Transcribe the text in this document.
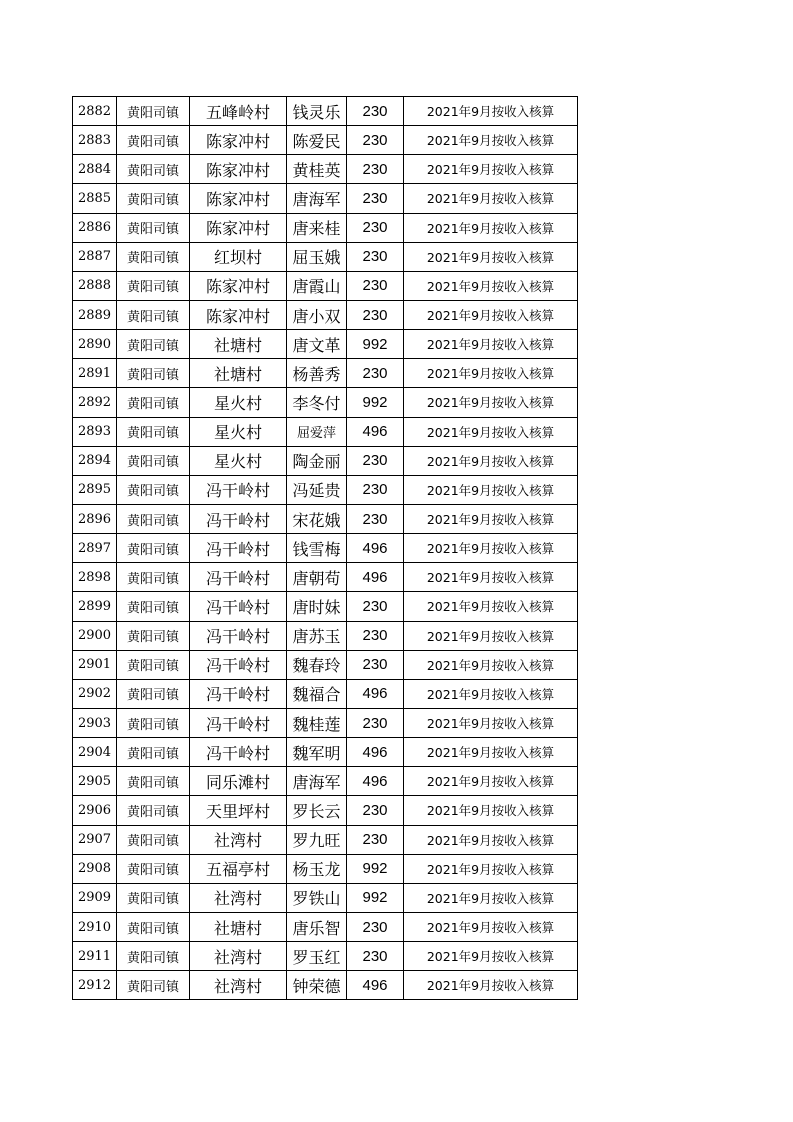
2882	黄阳司镇	五峰岭村	钱灵乐	230	2021年9月按收入核算
2883	黄阳司镇	陈家冲村	陈爱民	230	2021年9月按收入核算
2884	黄阳司镇	陈家冲村	黄桂英	230	2021年9月按收入核算
2885	黄阳司镇	陈家冲村	唐海军	230	2021年9月按收入核算
2886	黄阳司镇	陈家冲村	唐来桂	230	2021年9月按收入核算
2887	黄阳司镇	红坝村	屈玉娥	230	2021年9月按收入核算
2888	黄阳司镇	陈家冲村	唐霞山	230	2021年9月按收入核算
2889	黄阳司镇	陈家冲村	唐小双	230	2021年9月按收入核算
2890	黄阳司镇	社塘村	唐文革	992	2021年9月按收入核算
2891	黄阳司镇	社塘村	杨善秀	230	2021年9月按收入核算
2892	黄阳司镇	星火村	李冬付	992	2021年9月按收入核算
2893	黄阳司镇	星火村	屈爱萍	496	2021年9月按收入核算
2894	黄阳司镇	星火村	陶金丽	230	2021年9月按收入核算
2895	黄阳司镇	冯干岭村	冯延贵	230	2021年9月按收入核算
2896	黄阳司镇	冯干岭村	宋花娥	230	2021年9月按收入核算
2897	黄阳司镇	冯干岭村	钱雪梅	496	2021年9月按收入核算
2898	黄阳司镇	冯干岭村	唐朝苟	496	2021年9月按收入核算
2899	黄阳司镇	冯干岭村	唐时妹	230	2021年9月按收入核算
2900	黄阳司镇	冯干岭村	唐苏玉	230	2021年9月按收入核算
2901	黄阳司镇	冯干岭村	魏春玲	230	2021年9月按收入核算
2902	黄阳司镇	冯干岭村	魏福合	496	2021年9月按收入核算
2903	黄阳司镇	冯干岭村	魏桂莲	230	2021年9月按收入核算
2904	黄阳司镇	冯干岭村	魏军明	496	2021年9月按收入核算
2905	黄阳司镇	同乐滩村	唐海军	496	2021年9月按收入核算
2906	黄阳司镇	天里坪村	罗长云	230	2021年9月按收入核算
2907	黄阳司镇	社湾村	罗九旺	230	2021年9月按收入核算
2908	黄阳司镇	五福亭村	杨玉龙	992	2021年9月按收入核算
2909	黄阳司镇	社湾村	罗铁山	992	2021年9月按收入核算
2910	黄阳司镇	社塘村	唐乐智	230	2021年9月按收入核算
2911	黄阳司镇	社湾村	罗玉红	230	2021年9月按收入核算
2912	黄阳司镇	社湾村	钟荣德	496	2021年9月按收入核算
